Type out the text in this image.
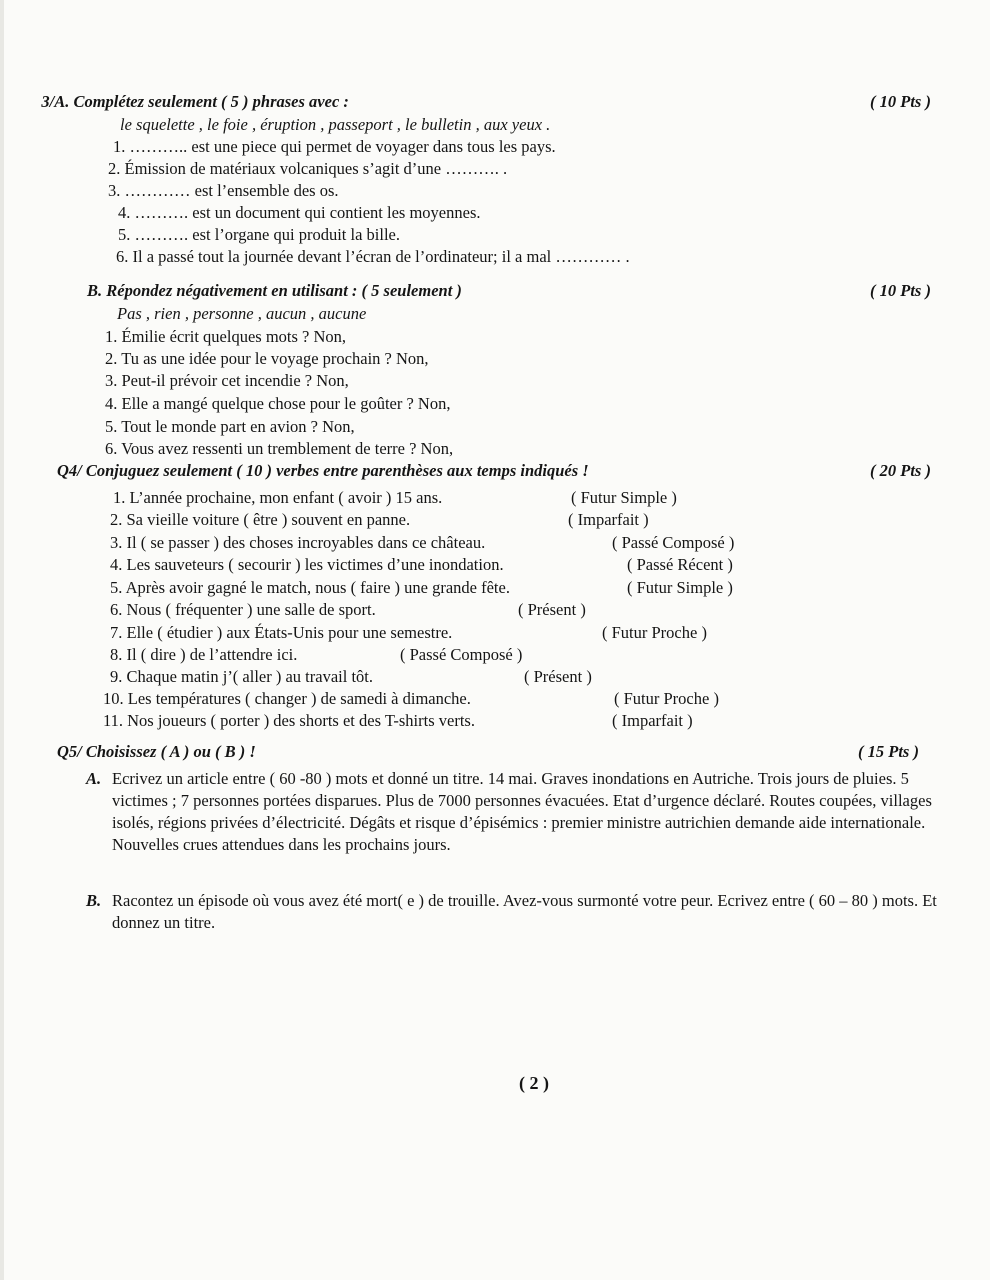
 3/A. Complétez seulement ( 5 ) phrases avec :	( 10 Pts )
le squelette , le foie , éruption , passeport , le bulletin , aux yeux .
1. ……….. est une piece qui permet de voyager dans tous les pays.
2. Émission de matériaux volcaniques s’agit d’une ………. .
3. ………… est l’ensemble des os.
4. ………. est un document qui contient les moyennes.
5. ………. est l’organe qui produit la bille.
6. Il a passé tout la journée devant l’écran de l’ordinateur; il a mal ………… .
B. Répondez négativement en utilisant : ( 5 seulement )	( 10 Pts )
Pas , rien , personne , aucun , aucune
1. Émilie écrit quelques mots ? Non,
2. Tu as une idée pour le voyage prochain ? Non,
3. Peut-il prévoir cet incendie ? Non,
4. Elle a mangé quelque chose pour le goûter ? Non,
5. Tout le monde part en avion ? Non,
6. Vous avez ressenti un tremblement de terre ? Non,
Q4/ Conjuguez seulement ( 10 ) verbes entre parenthèses aux temps indiqués !	( 20 Pts )
1. L’année prochaine, mon enfant ( avoir ) 15 ans.	( Futur Simple )
2. Sa vieille voiture ( être ) souvent en panne.	( Imparfait )
3. Il ( se passer ) des choses incroyables dans ce château.	( Passé Composé )
4. Les sauveteurs ( secourir ) les victimes d’une inondation.	( Passé Récent )
5. Après avoir gagné le match, nous ( faire ) une grande fête.	( Futur Simple )
6. Nous ( fréquenter ) une salle de sport.	( Présent )
7. Elle ( étudier ) aux États-Unis pour une semestre.	( Futur Proche )
8. Il ( dire ) de l’attendre ici.	( Passé Composé )
9. Chaque matin j’( aller ) au travail tôt.	( Présent )
10. Les températures ( changer ) de samedi à dimanche.	( Futur Proche )
11. Nos joueurs ( porter ) des shorts et des T-shirts verts.	( Imparfait )
Q5/ Choisissez ( A ) ou ( B ) !	( 15 Pts )
A. Ecrivez un article entre ( 60 -80 ) mots et donné un titre. 14 mai. Graves inondations en Autriche. Trois jours de pluies. 5 victimes ; 7 personnes portées disparues. Plus de 7000 personnes évacuées. Etat d’urgence déclaré. Routes coupées, villages isolés, régions privées d’électricité. Dégâts et risque d’épisémics : premier ministre autrichien demande aide internationale. Nouvelles crues attendues dans les prochains jours.
B. Racontez un épisode où vous avez été mort( e ) de trouille. Avez-vous surmonté votre peur. Ecrivez entre ( 60 – 80 ) mots. Et donnez un titre.
( 2 )
